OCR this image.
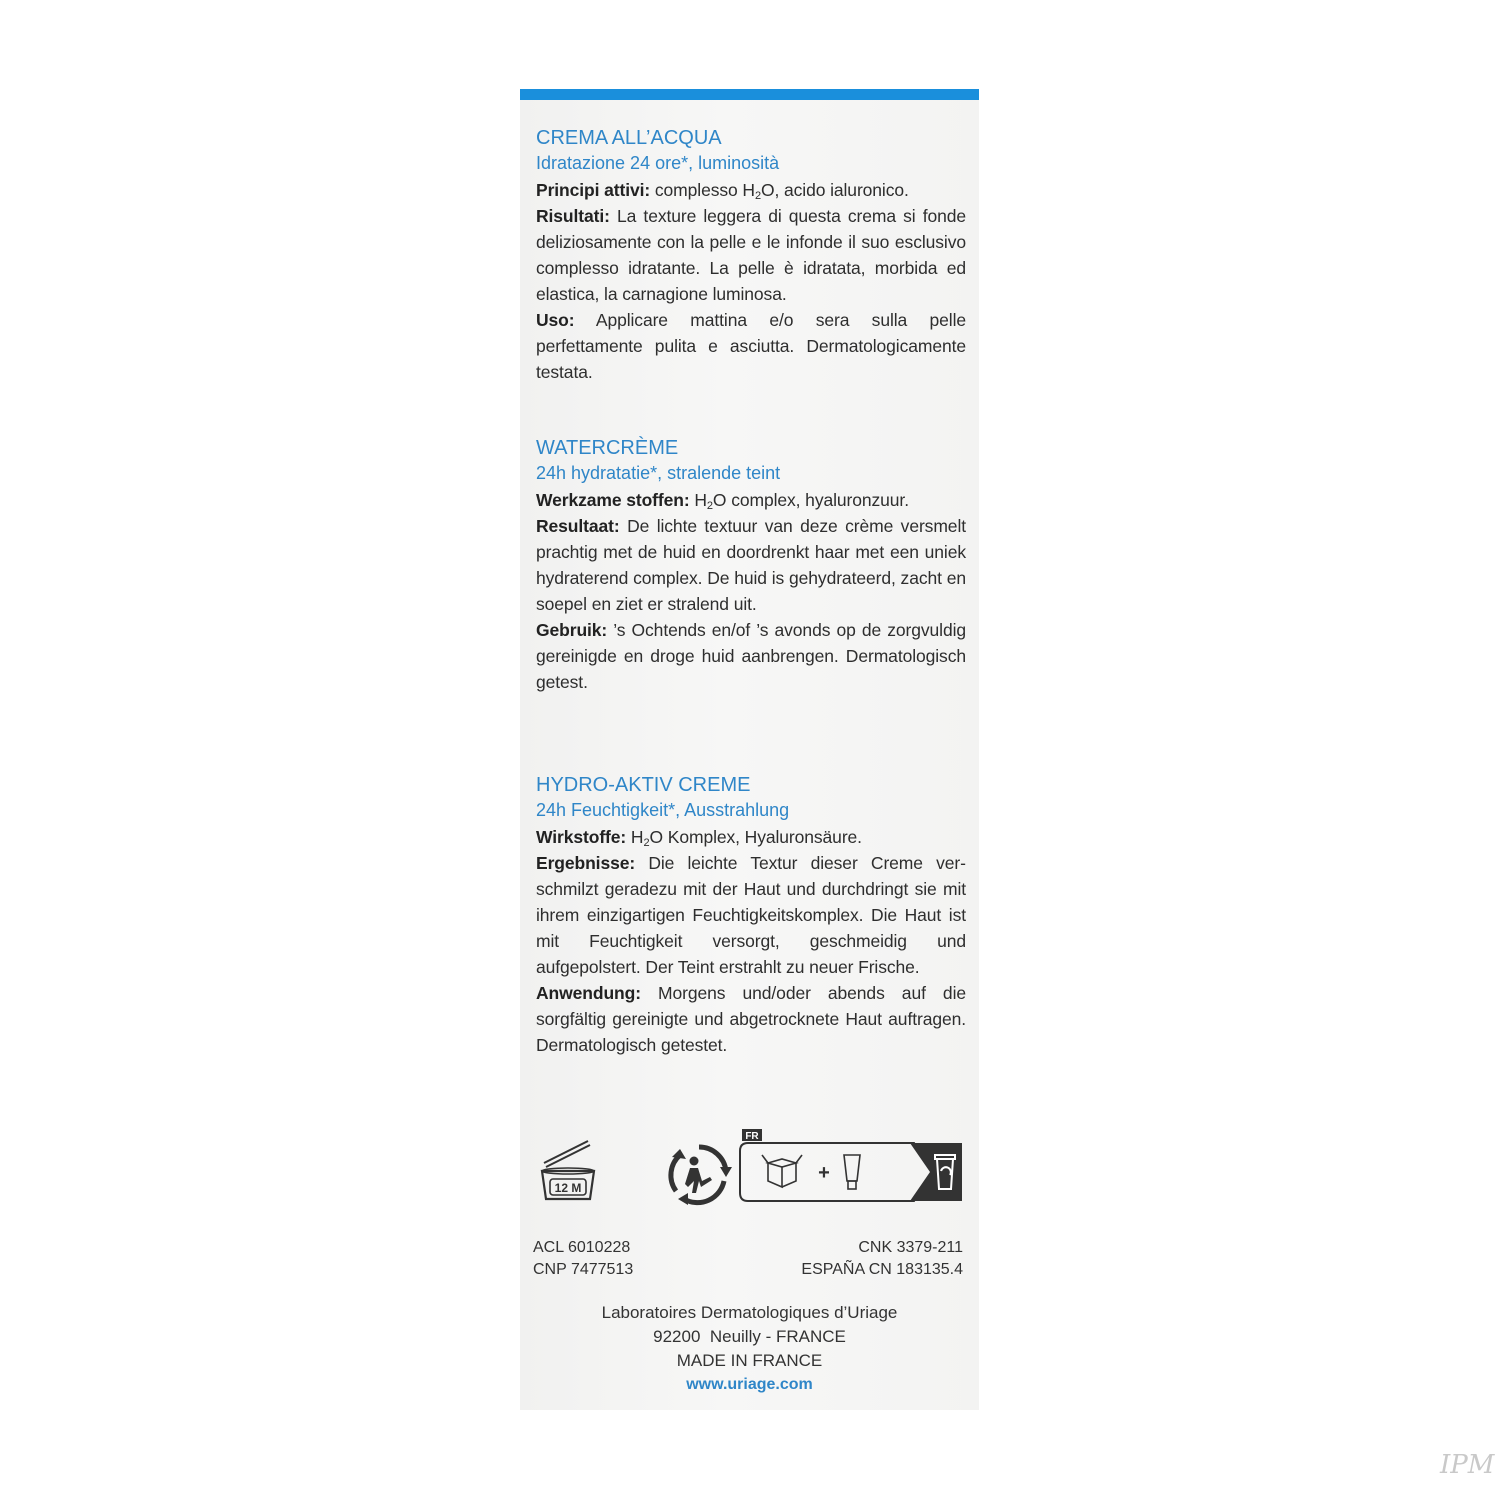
CREMA ALL’ACQUA
Idratazione 24 ore*, luminosità

Principi attivi: complesso $H_2O$, acido ialuronico.

Risultati: La texture leggera di questa crema si fonde deliziosamente con la pelle e le infonde il suo esclusivo complesso idratante. La pelle è idratata, morbida ed elastica, la carnagione luminosa.

Uso: Applicare mattina e/o sera sulla pelle perfettamente pulita e asciutta. Dermatologicamente testata.

WATERCRÈME
24h hydratatie*, stralende teint

Werkzame stoffen: $H_2O$ complex, hyaluronzuur.

Resultaat: De lichte textuur van deze crème versmelt prachtig met de huid en doordrenkt haar met een uniek hydraterend complex. De huid is gehydrateerd, zacht en soepel en ziet er stralend uit.

Gebruik: ’s Ochtends en/of ’s avonds op de zorgvuldig gereinigde en droge huid aanbrengen. Dermatologisch getest.

HYDRO-AKTIV CREME
24h Feuchtigkeit*, Ausstrahlung

Wirkstoffe: $H_2O$ Komplex, Hyaluronsäure.

Ergebnisse: Die leichte Textur dieser Creme verschmilzt geradezu mit der Haut und durchdringt sie mit ihrem einzigartigen Feuchtigkeitskomplex. Die Haut ist mit Feuchtigkeit versorgt, geschmeidig und aufgepolstert. Der Teint erstrahlt zu neuer Frische.

Anwendung: Morgens und/oder abends auf die sorgfältig gereinigte und abgetrocknete Haut auftragen. Dermatologisch getestet.

12 M
FR
+
ACL 6010228
CNP 7477513
CNK 3379-211
ESPAÑA CN 183135.4
Laboratoires Dermatologiques d’Uriage
92200  Neuilly - FRANCE
MADE IN FRANCE
www.uriage.com
IPM
